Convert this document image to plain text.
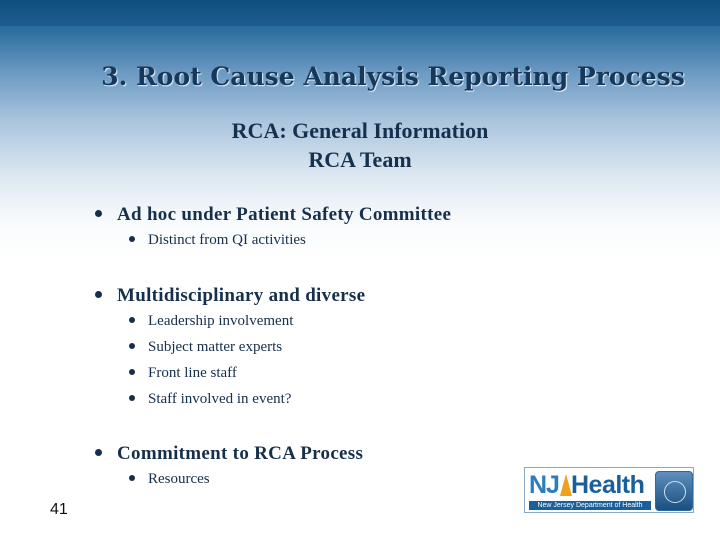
3. Root Cause Analysis Reporting Process
RCA: General Information
RCA Team
Ad hoc under Patient Safety Committee
Distinct from QI activities
Multidisciplinary and diverse
Leadership involvement
Subject matter experts
Front line staff
Staff involved in event?
Commitment to RCA Process
Resources
41
NJ Health
New Jersey Department of Health
